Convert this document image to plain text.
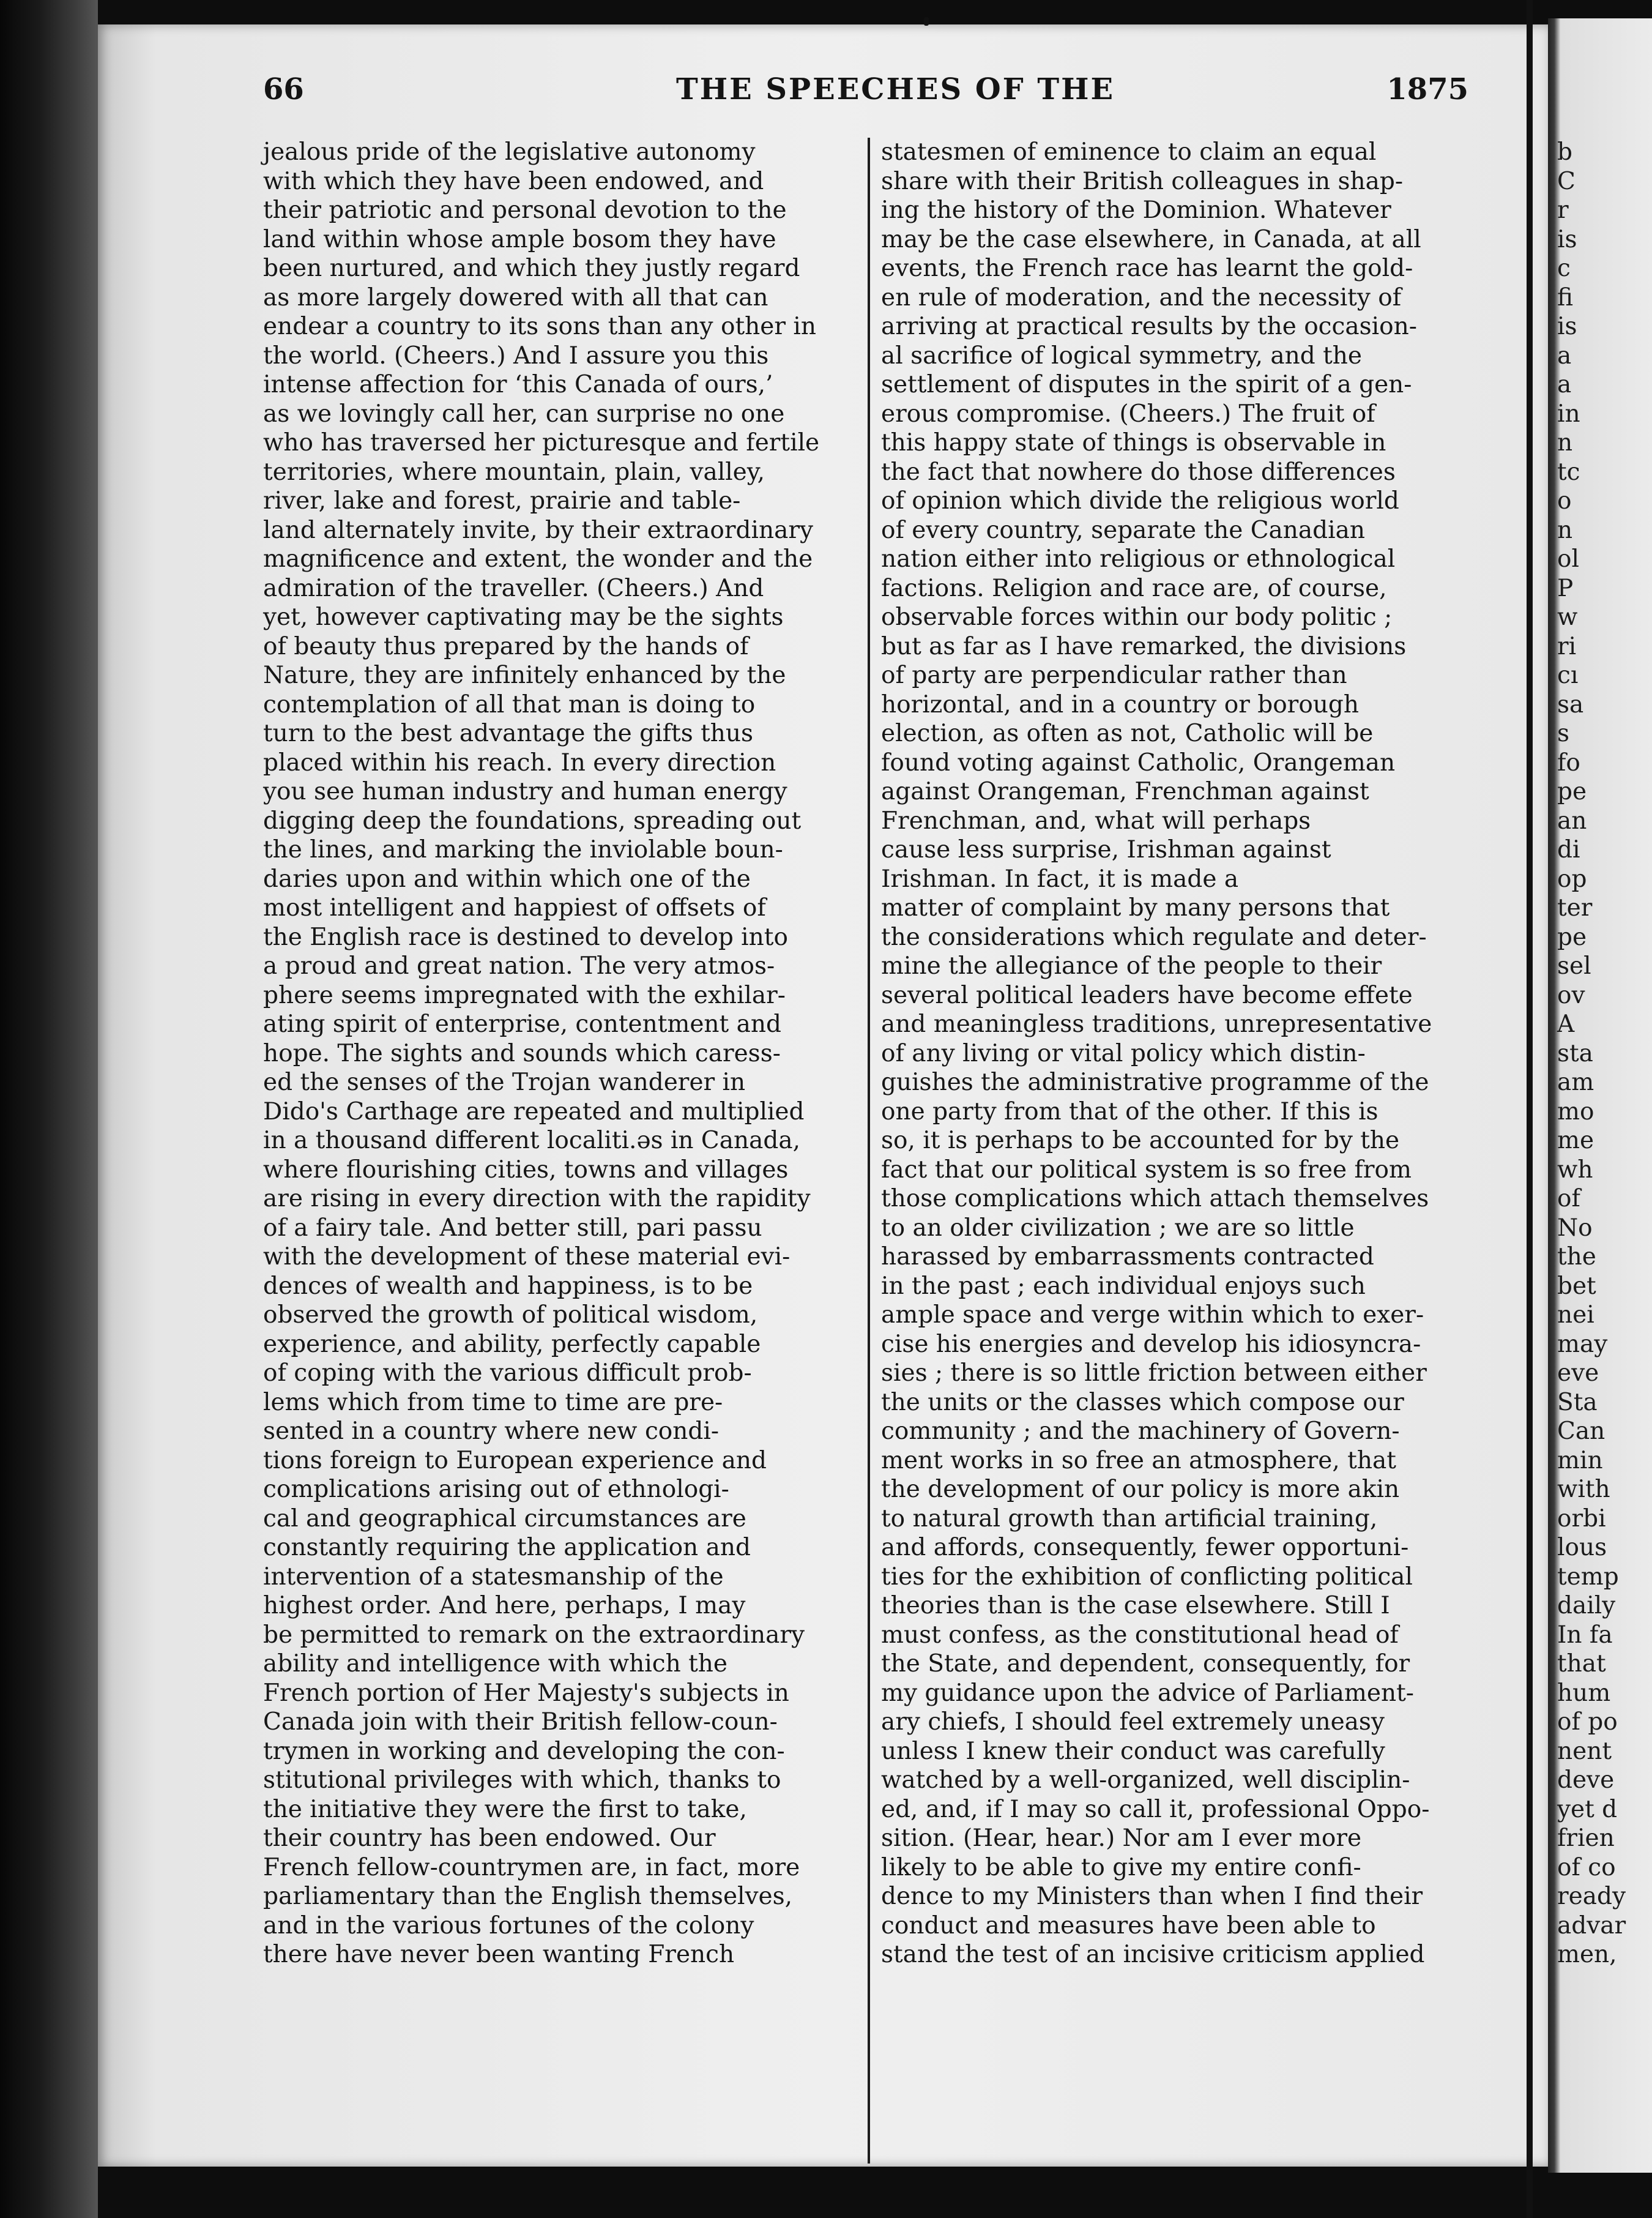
66	THE SPEECHES OF THE	1875
jealous pride of the legislative autonomy
with which they have been endowed, and
their patriotic and personal devotion to the
land within whose ample bosom they have
been nurtured, and which they justly regard
as more largely dowered with all that can
endear a country to its sons than any other in
the world. (Cheers.) And I assure you this
intense affection for ‘this Canada of ours,’
as we lovingly call her, can surprise no one
who has traversed her picturesque and fertile
territories, where mountain, plain, valley,
river, lake and forest, prairie and table-
land alternately invite, by their extraordinary
magnificence and extent, the wonder and the
admiration of the traveller. (Cheers.) And
yet, however captivating may be the sights
of beauty thus prepared by the hands of
Nature, they are infinitely enhanced by the
contemplation of all that man is doing to
turn to the best advantage the gifts thus
placed within his reach. In every direction
you see human industry and human energy
digging deep the foundations, spreading out
the lines, and marking the inviolable boun-
daries upon and within which one of the
most intelligent and happiest of offsets of
the English race is destined to develop into
a proud and great nation. The very atmos-
phere seems impregnated with the exhilar-
ating spirit of enterprise, contentment and
hope. The sights and sounds which caress-
ed the senses of the Trojan wanderer in
Dido's Carthage are repeated and multiplied
in a thousand different localiti.ǝs in Canada,
where flourishing cities, towns and villages
are rising in every direction with the rapidity
of a fairy tale. And better still, pari passu
with the development of these material evi-
dences of wealth and happiness, is to be
observed the growth of political wisdom,
experience, and ability, perfectly capable
of coping with the various difficult prob-
lems which from time to time are pre-
sented in a country where new condi-
tions foreign to European experience and
complications arising out of ethnologi-
cal and geographical circumstances are
constantly requiring the application and
intervention of a statesmanship of the
highest order. And here, perhaps, I may
be permitted to remark on the extraordinary
ability and intelligence with which the
French portion of Her Majesty's subjects in
Canada join with their British fellow-coun-
trymen in working and developing the con-
stitutional privileges with which, thanks to
the initiative they were the first to take,
their country has been endowed. Our
French fellow-countrymen are, in fact, more
parliamentary than the English themselves,
and in the various fortunes of the colony
there have never been wanting French
statesmen of eminence to claim an equal
share with their British colleagues in shap-
ing the history of the Dominion. Whatever
may be the case elsewhere, in Canada, at all
events, the French race has learnt the gold-
en rule of moderation, and the necessity of
arriving at practical results by the occasion-
al sacrifice of logical symmetry, and the
settlement of disputes in the spirit of a gen-
erous compromise. (Cheers.) The fruit of
this happy state of things is observable in
the fact that nowhere do those differences
of opinion which divide the religious world
of every country, separate the Canadian
nation either into religious or ethnological
factions. Religion and race are, of course,
observable forces within our body politic ;
but as far as I have remarked, the divisions
of party are perpendicular rather than
horizontal, and in a country or borough
election, as often as not, Catholic will be
found voting against Catholic, Orangeman
against Orangeman, Frenchman against
Frenchman, and, what will perhaps
cause less surprise, Irishman against
Irishman. In fact, it is made a
matter of complaint by many persons that
the considerations which regulate and deter-
mine the allegiance of the people to their
several political leaders have become effete
and meaningless traditions, unrepresentative
of any living or vital policy which distin-
guishes the administrative programme of the
one party from that of the other. If this is
so, it is perhaps to be accounted for by the
fact that our political system is so free from
those complications which attach themselves
to an older civilization ; we are so little
harassed by embarrassments contracted
in the past ; each individual enjoys such
ample space and verge within which to exer-
cise his energies and develop his idiosyncra-
sies ; there is so little friction between either
the units or the classes which compose our
community ; and the machinery of Govern-
ment works in so free an atmosphere, that
the development of our policy is more akin
to natural growth than artificial training,
and affords, consequently, fewer opportuni-
ties for the exhibition of conflicting political
theories than is the case elsewhere. Still I
must confess, as the constitutional head of
the State, and dependent, consequently, for
my guidance upon the advice of Parliament-
ary chiefs, I should feel extremely uneasy
unless I knew their conduct was carefully
watched by a well-organized, well disciplin-
ed, and, if I may so call it, professional Oppo-
sition. (Hear, hear.) Nor am I ever more
likely to be able to give my entire confi-
dence to my Ministers than when I find their
conduct and measures have been able to
stand the test of an incisive criticism applied
b
C
r
is
c
fi
is
a
a
in
n
tc
o
n
ol
P
w
ri
cı
sa
s
fo
pe
an
di
op
ter
pe
sel
ov
A
sta
am
mo
me
wh
of
No
the
bet
nei
may
eve
Sta
Can
min
with
orbi
lous
temp
daily
In fa
that
hum
of po
nent
deve
yet d
frien
of co
ready
advar
men,
